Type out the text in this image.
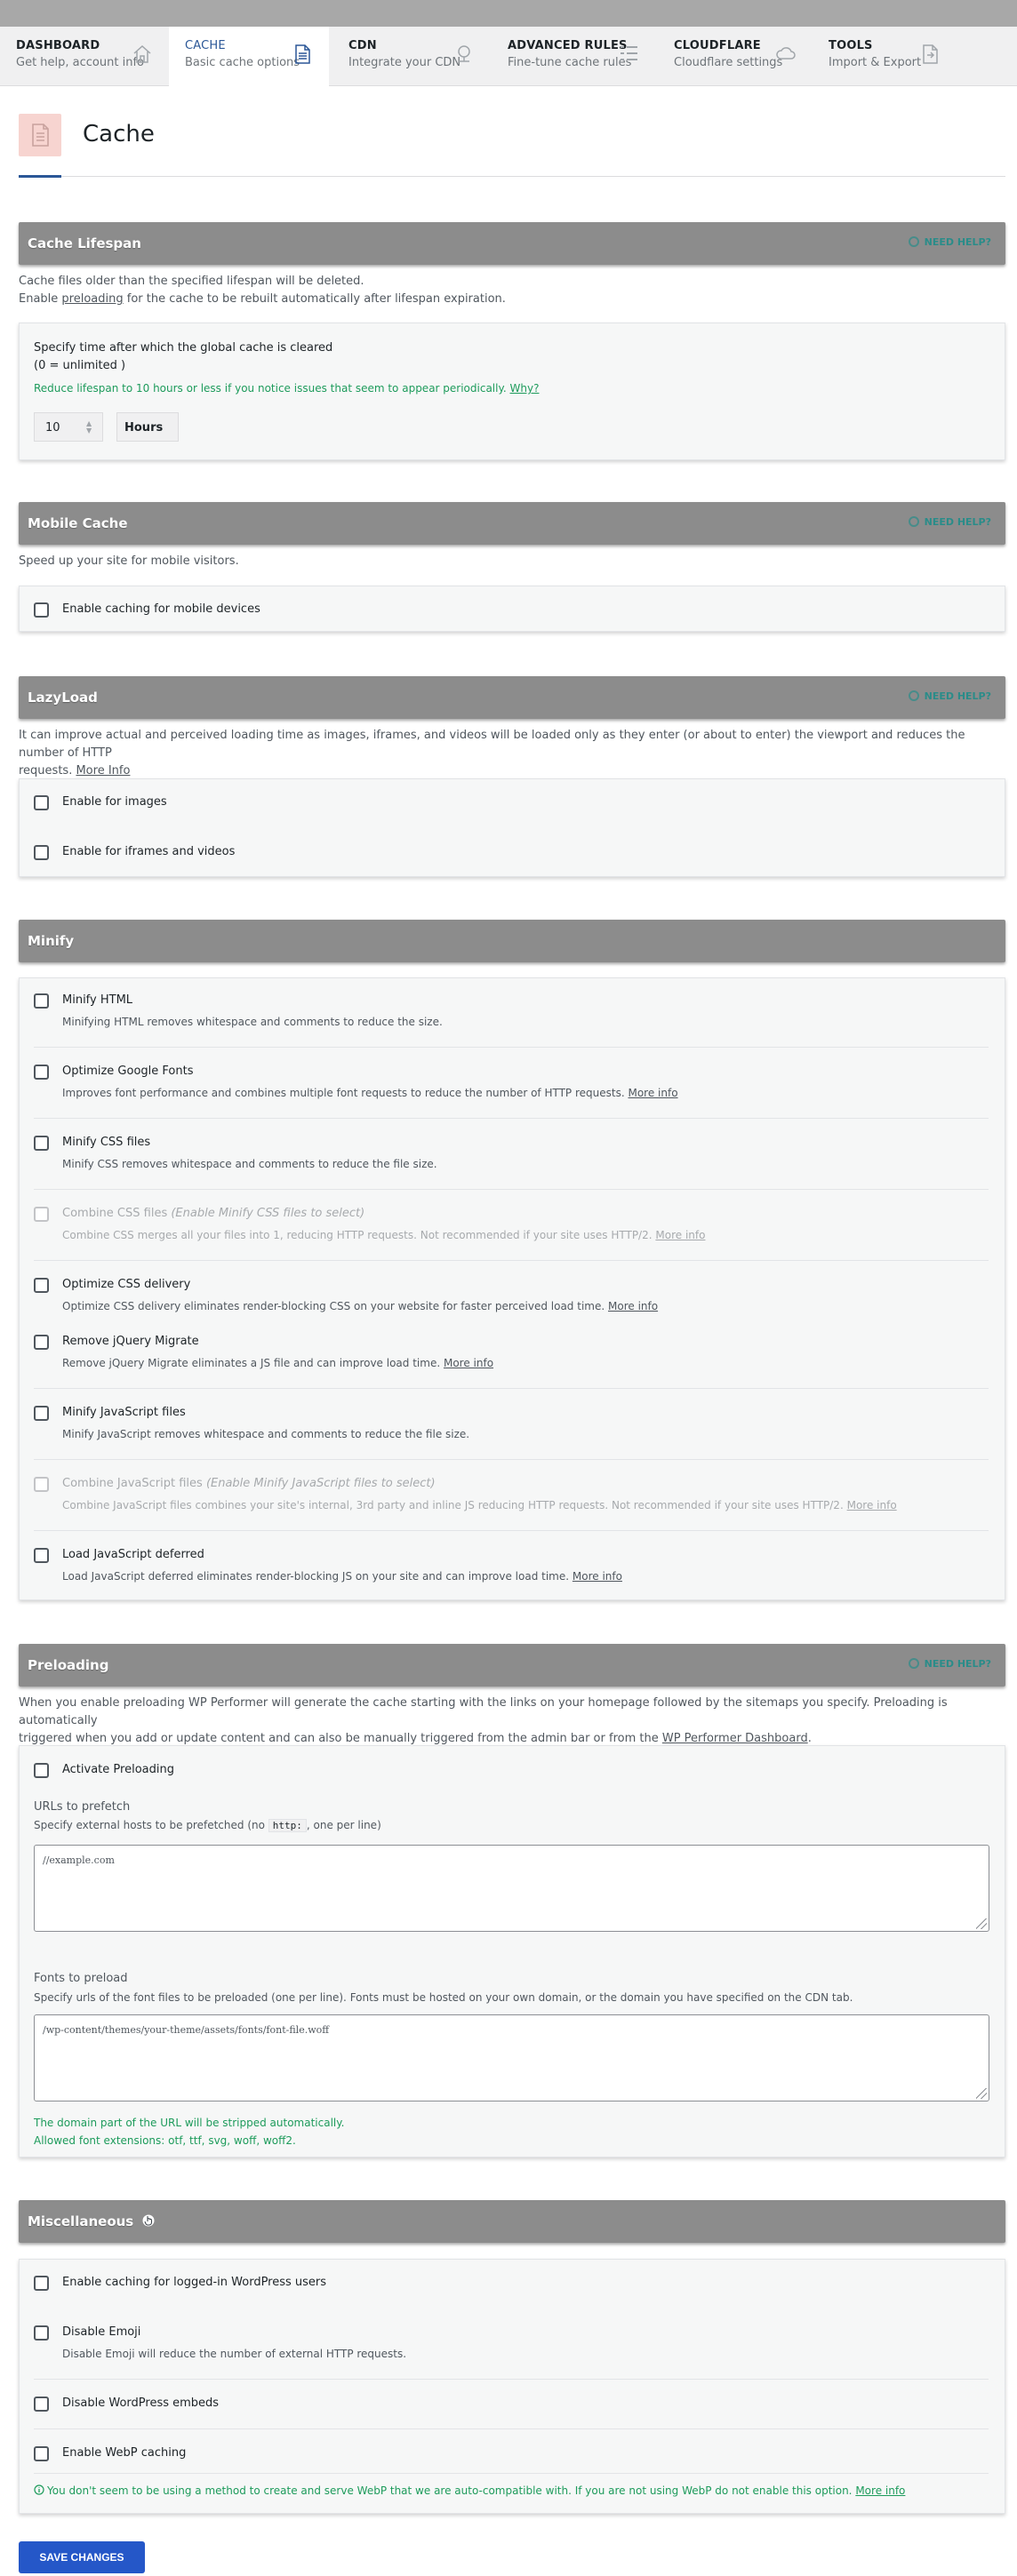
DASHBOARD
Get help, account info
CACHE
Basic cache options
CDN
Integrate your CDN
ADVANCED RULES
Fine-tune cache rules
CLOUDFLARE
Cloudflare settings
TOOLS
Import & Export
Cache
Cache Lifespan	NEED HELP?
Cache files older than the specified lifespan will be deleted.
Enable preloading for the cache to be rebuilt automatically after lifespan expiration.
Specify time after which the global cache is cleared
(0 = unlimited )
Reduce lifespan to 10 hours or less if you notice issues that seem to appear periodically. Why?
10	▲
▼	Hours
Mobile Cache	NEED HELP?
Speed up your site for mobile visitors.
Enable caching for mobile devices
LazyLoad	NEED HELP?
It can improve actual and perceived loading time as images, iframes, and videos will be loaded only as they enter (or about to enter) the viewport and reduces the number of HTTP
requests. More Info
Enable for images
Enable for iframes and videos
Minify
Minify HTML
Minifying HTML removes whitespace and comments to reduce the size.
Optimize Google Fonts
Improves font performance and combines multiple font requests to reduce the number of HTTP requests. More info
Minify CSS files
Minify CSS removes whitespace and comments to reduce the file size.
Combine CSS files (Enable Minify CSS files to select)
Combine CSS merges all your files into 1, reducing HTTP requests. Not recommended if your site uses HTTP/2. More info
Optimize CSS delivery
Optimize CSS delivery eliminates render-blocking CSS on your website for faster perceived load time. More info
Remove jQuery Migrate
Remove jQuery Migrate eliminates a JS file and can improve load time. More info
Minify JavaScript files
Minify JavaScript removes whitespace and comments to reduce the file size.
Combine JavaScript files (Enable Minify JavaScript files to select)
Combine JavaScript files combines your site's internal, 3rd party and inline JS reducing HTTP requests. Not recommended if your site uses HTTP/2. More info
Load JavaScript deferred
Load JavaScript deferred eliminates render-blocking JS on your site and can improve load time. More info
Preloading	NEED HELP?
When you enable preloading WP Performer will generate the cache starting with the links on your homepage followed by the sitemaps you specify. Preloading is automatically
triggered when you add or update content and can also be manually triggered from the admin bar or from the WP Performer Dashboard.
Activate Preloading
URLs to prefetch
Specify external hosts to be prefetched (no http: , one per line)
//example.com
Fonts to preload
Specify urls of the font files to be preloaded (one per line). Fonts must be hosted on your own domain, or the domain you have specified on the CDN tab.
/wp-content/themes/your-theme/assets/fonts/font-file.woff
The domain part of the URL will be stripped automatically.
Allowed font extensions: otf, ttf, svg, woff, woff2.
Miscellaneous
Enable caching for logged-in WordPress users
Disable Emoji
Disable Emoji will reduce the number of external HTTP requests.
Disable WordPress embeds
Enable WebP caching
You don't seem to be using a method to create and serve WebP that we are auto-compatible with. If you are not using WebP do not enable this option. More info
SAVE CHANGES
